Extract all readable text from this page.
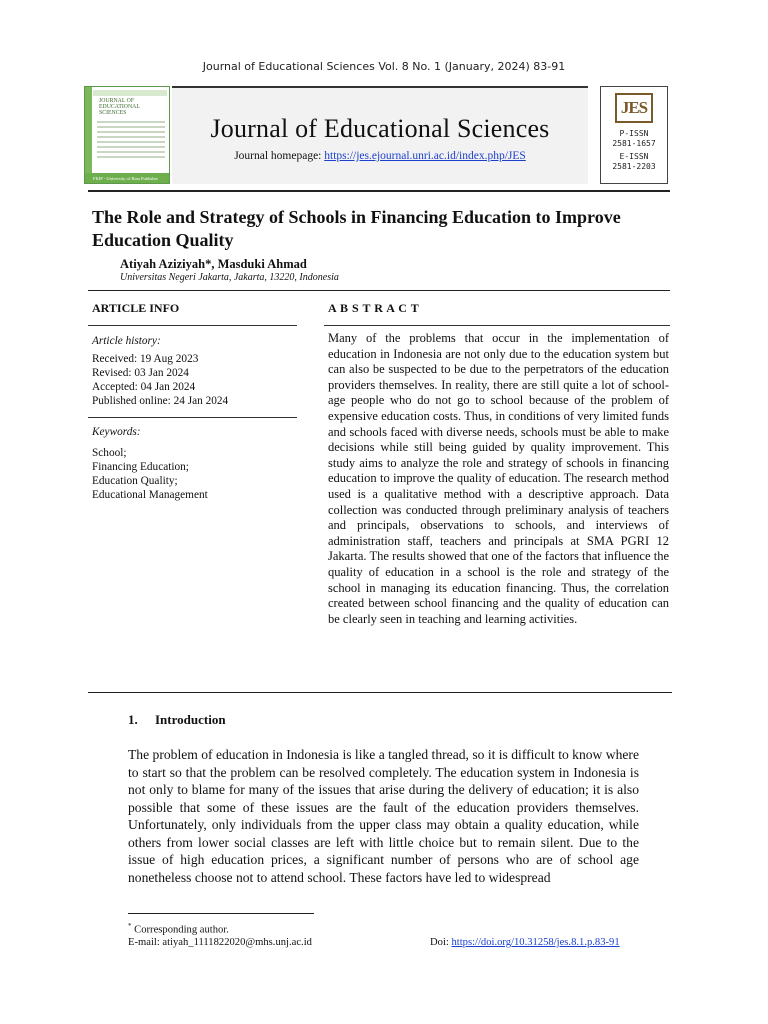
Journal of Educational Sciences Vol. 8 No. 1 (January, 2024) 83-91
JOURNAL OF
EDUCATIONAL
SCIENCES
FKIP - University of Riau Publisher
Journal of Educational Sciences
Journal homepage: https://jes.ejournal.unri.ac.id/index.php/JES
JES
P-ISSN
2581-1657
E-ISSN
2581-2203
The Role and Strategy of Schools in Financing Education to Improve Education Quality
Atiyah Aziziyah*, Masduki Ahmad
Universitas Negeri Jakarta, Jakarta, 13220, Indonesia
ARTICLE INFO
Article history:
Received: 19 Aug 2023
Revised: 03 Jan 2024
Accepted: 04 Jan 2024
Published online: 24 Jan 2024
Keywords:
School;
Financing Education;
Education Quality;
Educational Management
A B S T R A C T
Many of the problems that occur in the implementation of education in Indonesia are not only due to the education system but can also be suspected to be due to the perpetrators of the education providers themselves. In reality, there are still quite a lot of school-age people who do not go to school because of the problem of expensive education costs. Thus, in conditions of very limited funds and schools faced with diverse needs, schools must be able to make decisions while still being guided by quality improvement. This study aims to analyze the role and strategy of schools in financing education to improve the quality of education. The research method used is a qualitative method with a descriptive approach. Data collection was conducted through preliminary analysis of teachers and principals, observations to schools, and interviews of administration staff, teachers and principals at SMA PGRI 12 Jakarta. The results showed that one of the factors that influence the quality of education in a school is the role and strategy of the school in managing its education financing. Thus, the correlation created between school financing and the quality of education can be clearly seen in teaching and learning activities.
1. Introduction
The problem of education in Indonesia is like a tangled thread, so it is difficult to know where to start so that the problem can be resolved completely. The education system in Indonesia is not only to blame for many of the issues that arise during the delivery of education; it is also possible that some of these issues are the fault of the education providers themselves. Unfortunately, only individuals from the upper class may obtain a quality education, while others from lower social classes are left with little choice but to remain silent. Due to the issue of high education prices, a significant number of persons who are of school age nonetheless choose not to attend school. These factors have led to widespread
* Corresponding author.
E-mail: atiyah_1111822020@mhs.unj.ac.id	Doi: https://doi.org/10.31258/jes.8.1.p.83-91
